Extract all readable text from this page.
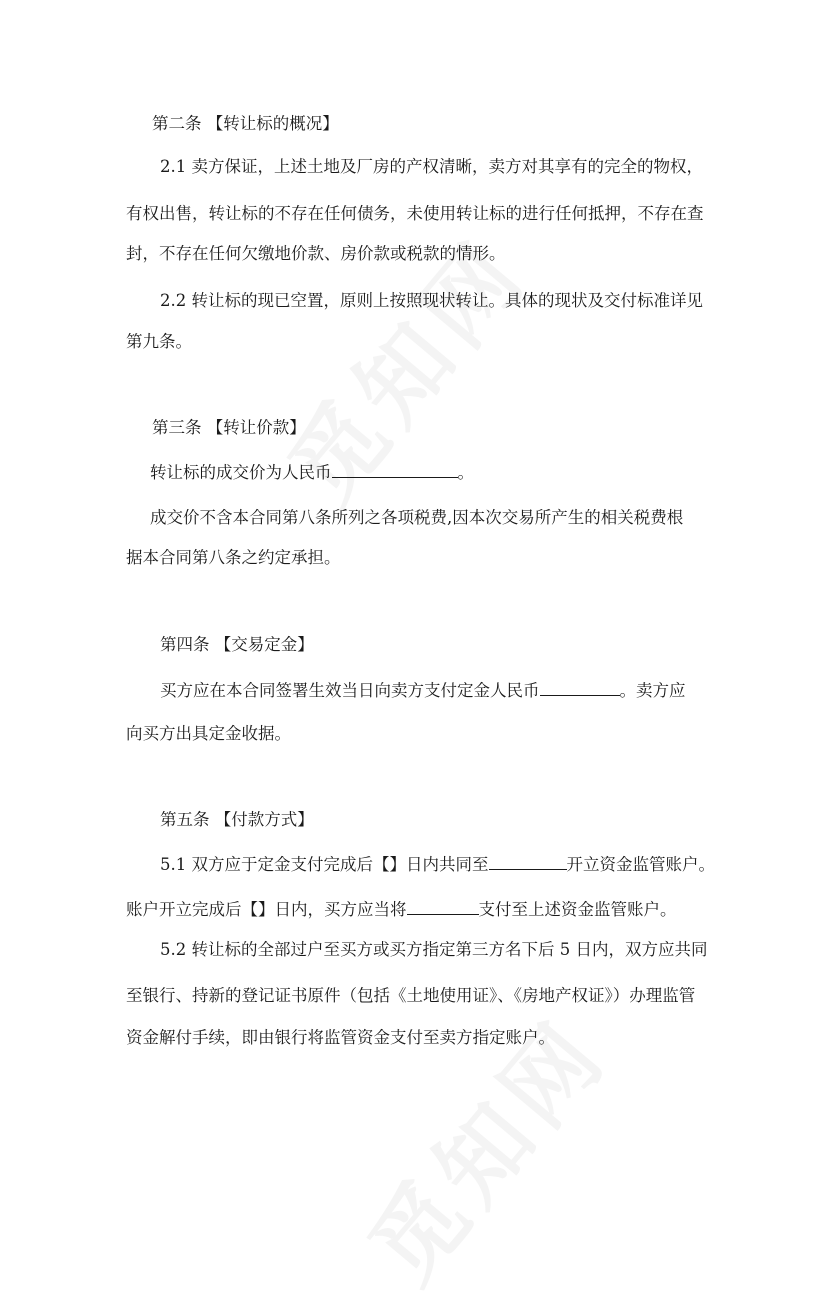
第二条 【转让标的概况】
2.1 卖方保证，上述土地及厂房的产权清晰，卖方对其享有的完全的物权，
有权出售，转让标的不存在任何债务，未使用转让标的进行任何抵押，不存在查
封，不存在任何欠缴地价款、房价款或税款的情形。
2.2 转让标的现已空置，原则上按照现状转让。具体的现状及交付标准详见
第九条。
第三条 【转让价款】
转让标的成交价为人民币	。
成交价不含本合同第八条所列之各项税费,因本次交易所产生的相关税费根
据本合同第八条之约定承担。
第四条 【交易定金】
买方应在本合同签署生效当日向卖方支付定金人民币	。卖方应
向买方出具定金收据。
第五条 【付款方式】
5.1 双方应于定金支付完成后【】日内共同至	开立资金监管账户。
账户开立完成后【】日内，买方应当将	支付至上述资金监管账户。
5.2 转让标的全部过户至买方或买方指定第三方名下后 5 日内，双方应共同
至银行、持新的登记证书原件（包括《土地使用证》、《房地产权证》）办理监管
资金解付手续，即由银行将监管资金支付至卖方指定账户。
